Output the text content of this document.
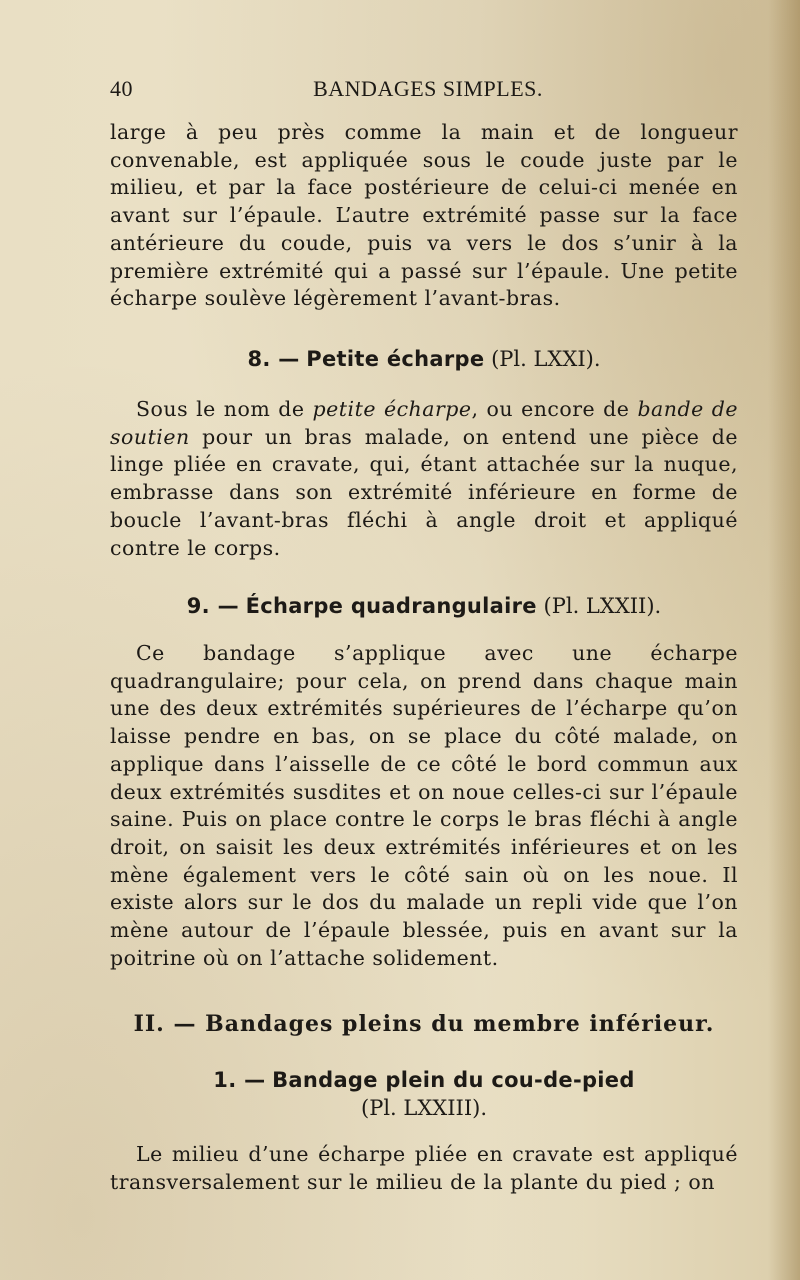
40	BANDAGES SIMPLES.

large à peu près comme la main et de longueur convenable, est appliquée sous le coude juste par le milieu, et par la face postérieure de celui-ci menée en avant sur l’épaule. L’autre extrémité passe sur la face antérieure du coude, puis va vers le dos s’unir à la première extrémité qui a passé sur l’épaule. Une petite écharpe soulève légèrement l’avant-bras.

8. — Petite écharpe (Pl. LXXI).

Sous le nom de petite écharpe, ou encore de bande de soutien pour un bras malade, on entend une pièce de linge pliée en cravate, qui, étant attachée sur la nuque, embrasse dans son extrémité inférieure en forme de boucle l’avant-bras fléchi à angle droit et appliqué contre le corps.

9. — Écharpe quadrangulaire (Pl. LXXII).

Ce bandage s’applique avec une écharpe quadrangulaire; pour cela, on prend dans chaque main une des deux extrémités supérieures de l’écharpe qu’on laisse pendre en bas, on se place du côté malade, on applique dans l’aisselle de ce côté le bord commun aux deux extrémités susdites et on noue celles-ci sur l’épaule saine. Puis on place contre le corps le bras fléchi à angle droit, on saisit les deux extrémités inférieures et on les mène également vers le côté sain où on les noue. Il existe alors sur le dos du malade un repli vide que l’on mène autour de l’épaule blessée, puis en avant sur la poitrine où on l’attache solidement.

II. — Bandages pleins du membre inférieur.
1. — Bandage plein du cou-de-pied
(Pl. LXXIII).

Le milieu d’une écharpe pliée en cravate est appliqué transversalement sur le milieu de la plante du pied ; on
